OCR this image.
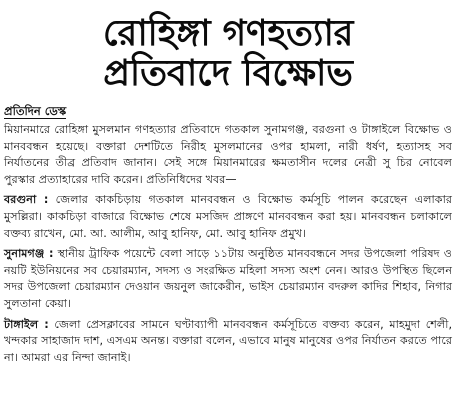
রোহিঙ্গা গণহত্যার
প্রতিবাদে বিক্ষোভ
প্রতিদিন ডেস্ক

মিয়ানমারে রোহিঙ্গা মুসলমান গণহত্যার প্রতিবাদে গতকাল সুনামগঞ্জ, বরগুনা ও টাঙ্গাইলে বিক্ষোভ ও মানববন্ধন হয়েছে। বক্তারা দেশটিতে নিরীহ মুসলমানের ওপর হামলা, নারী ধর্ষণ, হত্যাসহ সব নির্যাতনের তীব্র প্রতিবাদ জানান। সেই সঙ্গে মিয়ানমারের ক্ষমতাসীন দলের নেত্রী সু চির নোবেল পুরস্কার প্রত্যাহারের দাবি করেন। প্রতিনিধিদের খবর—

বরগুনা : জেলার কাকচিড়ায় গতকাল মানববন্ধন ও বিক্ষোভ কর্মসূচি পালন করেছেন এলাকার মুসল্লিরা। কাকচিড়া বাজারে বিক্ষোভ শেষে মসজিদ প্রাঙ্গণে মানববন্ধন করা হয়। মানববন্ধন চলাকালে বক্তব্য রাখেন, মো. আ. আলীম, আবু হানিফ, মো. আবু হানিফ প্রমুখ।

সুনামগঞ্জ : স্থানীয় ট্রাফিক পয়েন্টে বেলা সাড়ে ১১টায় অনুষ্ঠিত মানববন্ধনে সদর উপজেলা পরিষদ ও নয়টি ইউনিয়নের সব চেয়ারম্যান, সদস্য ও সংরক্ষিত মহিলা সদস্য অংশ নেন। আরও উপস্থিত ছিলেন সদর উপজেলা চেয়ারম্যান দেওয়ান জয়নুল জাকেরীন, ভাইস চেয়ারম্যান বদরুল কাদির শিহাব, নিগার সুলতানা কেয়া।

টাঙ্গাইল : জেলা প্রেসক্লাবের সামনে ঘণ্টাব্যাপী মানববন্ধন কর্মসূচিতে বক্তব্য করেন, মাহমুদা শেলী, খন্দকার সাহাজাদ দাশ, এসএম অনন্ত। বক্তারা বলেন, এভাবে মানুষ মানুষের ওপর নির্যাতন করতে পারে না। আমরা এর নিন্দা জানাই।
